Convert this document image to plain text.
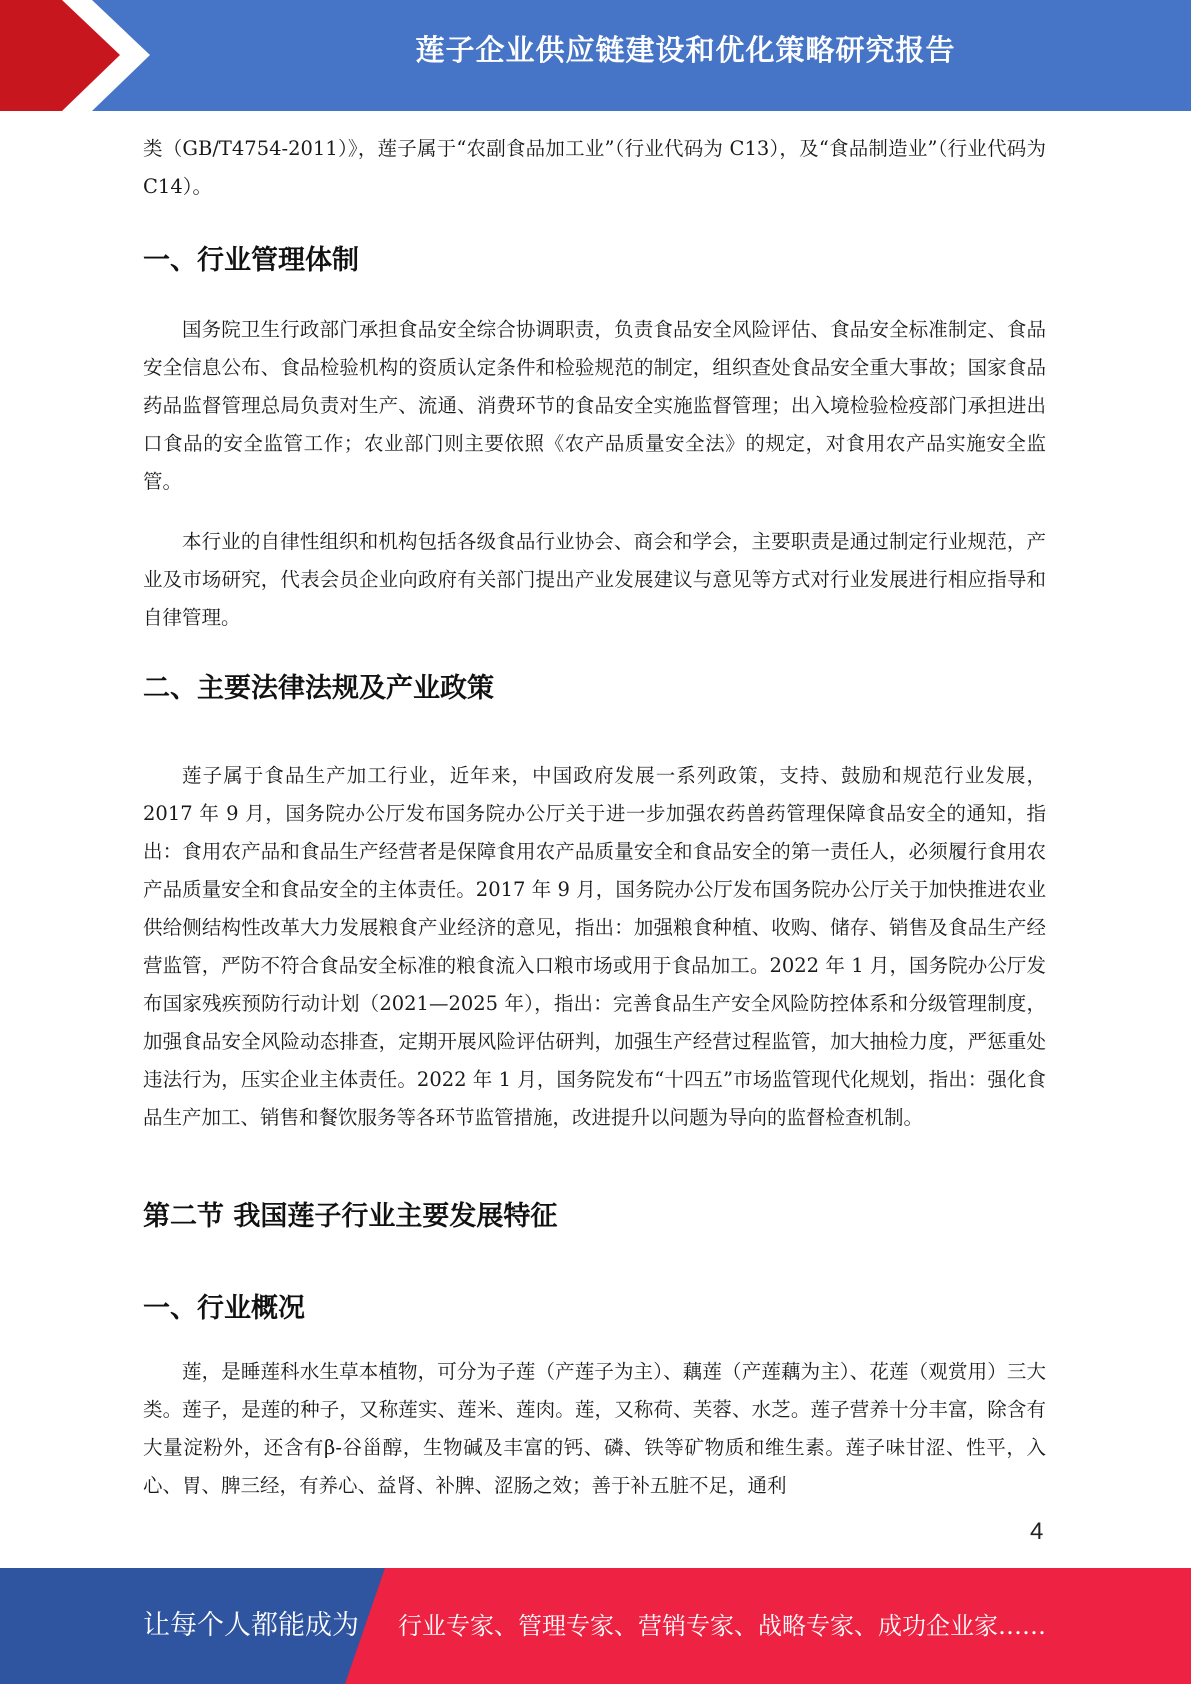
莲子企业供应链建设和优化策略研究报告

类（GB/T4754-2011）》，莲子属于“农副食品加工业”（行业代码为 C13），及“食品制造业”（行业代码为 C14）。

一、行业管理体制

国务院卫生行政部门承担食品安全综合协调职责，负责食品安全风险评估、食品安全标准制定、食品安全信息公布、食品检验机构的资质认定条件和检验规范的制定，组织查处食品安全重大事故；国家食品药品监督管理总局负责对生产、流通、消费环节的食品安全实施监督管理；出入境检验检疫部门承担进出口食品的安全监管工作；农业部门则主要依照《农产品质量安全法》的规定，对食用农产品实施安全监管。

本行业的自律性组织和机构包括各级食品行业协会、商会和学会，主要职责是通过制定行业规范，产业及市场研究，代表会员企业向政府有关部门提出产业发展建议与意见等方式对行业发展进行相应指导和自律管理。

二、主要法律法规及产业政策

莲子属于食品生产加工行业，近年来，中国政府发展一系列政策，支持、鼓励和规范行业发展，2017 年 9 月，国务院办公厅发布国务院办公厅关于进一步加强农药兽药管理保障食品安全的通知，指出：食用农产品和食品生产经营者是保障食用农产品质量安全和食品安全的第一责任人，必须履行食用农产品质量安全和食品安全的主体责任。2017 年 9 月，国务院办公厅发布国务院办公厅关于加快推进农业供给侧结构性改革大力发展粮食产业经济的意见，指出：加强粮食种植、收购、储存、销售及食品生产经营监管，严防不符合食品安全标准的粮食流入口粮市场或用于食品加工。2022 年 1 月，国务院办公厅发布国家残疾预防行动计划（2021—2025 年），指出：完善食品生产安全风险防控体系和分级管理制度，加强食品安全风险动态排查，定期开展风险评估研判，加强生产经营过程监管，加大抽检力度，严惩重处违法行为，压实企业主体责任。2022 年 1 月，国务院发布“十四五”市场监管现代化规划，指出：强化食品生产加工、销售和餐饮服务等各环节监管措施，改进提升以问题为导向的监督检查机制。

第二节 我国莲子行业主要发展特征
一、行业概况

莲，是睡莲科水生草本植物，可分为子莲（产莲子为主）、藕莲（产莲藕为主）、花莲（观赏用）三大类。莲子，是莲的种子，又称莲实、莲米、莲肉。莲，又称荷、芙蓉、水芝。莲子营养十分丰富，除含有大量淀粉外，还含有β-谷甾醇，生物碱及丰富的钙、磷、铁等矿物质和维生素。莲子味甘涩、性平，入心、胃、脾三经，有养心、益肾、补脾、涩肠之效；善于补五脏不足，通利

4
让每个人都能成为 行业专家、管理专家、营销专家、战略专家、成功企业家……
